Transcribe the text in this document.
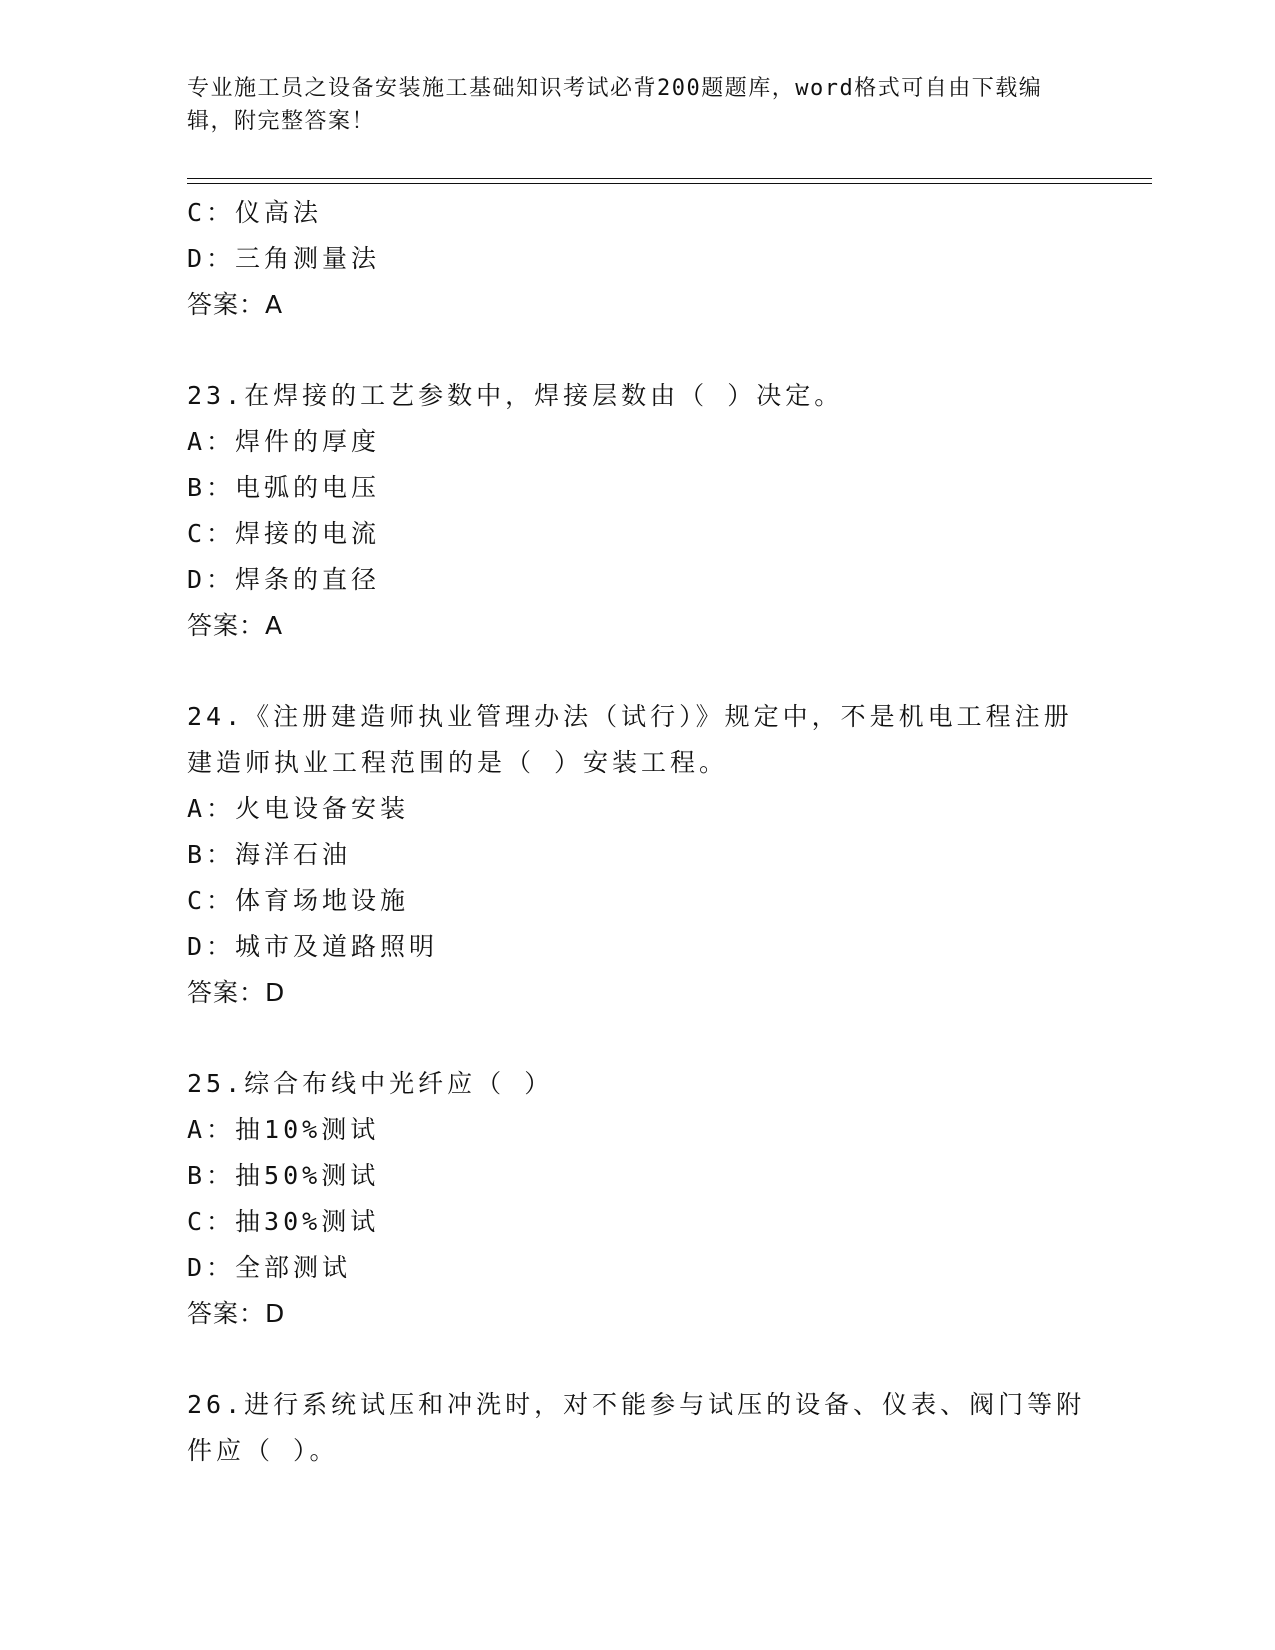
专业施工员之设备安装施工基础知识考试必背200题题库，word格式可自由下载编辑，附完整答案！
C：仪高法
D：三角测量法
答案：A
23.在焊接的工艺参数中，焊接层数由（ ）决定。
A：焊件的厚度
B：电弧的电压
C：焊接的电流
D：焊条的直径
答案：A
24.《注册建造师执业管理办法（试行）》规定中，不是机电工程注册建造师执业工程范围的是（ ）安装工程。
A：火电设备安装
B：海洋石油
C：体育场地设施
D：城市及道路照明
答案：D
25.综合布线中光纤应（ ）
A：抽10%测试
B：抽50%测试
C：抽30%测试
D：全部测试
答案：D
26.进行系统试压和冲洗时，对不能参与试压的设备、仪表、阀门等附件应（ ）。
